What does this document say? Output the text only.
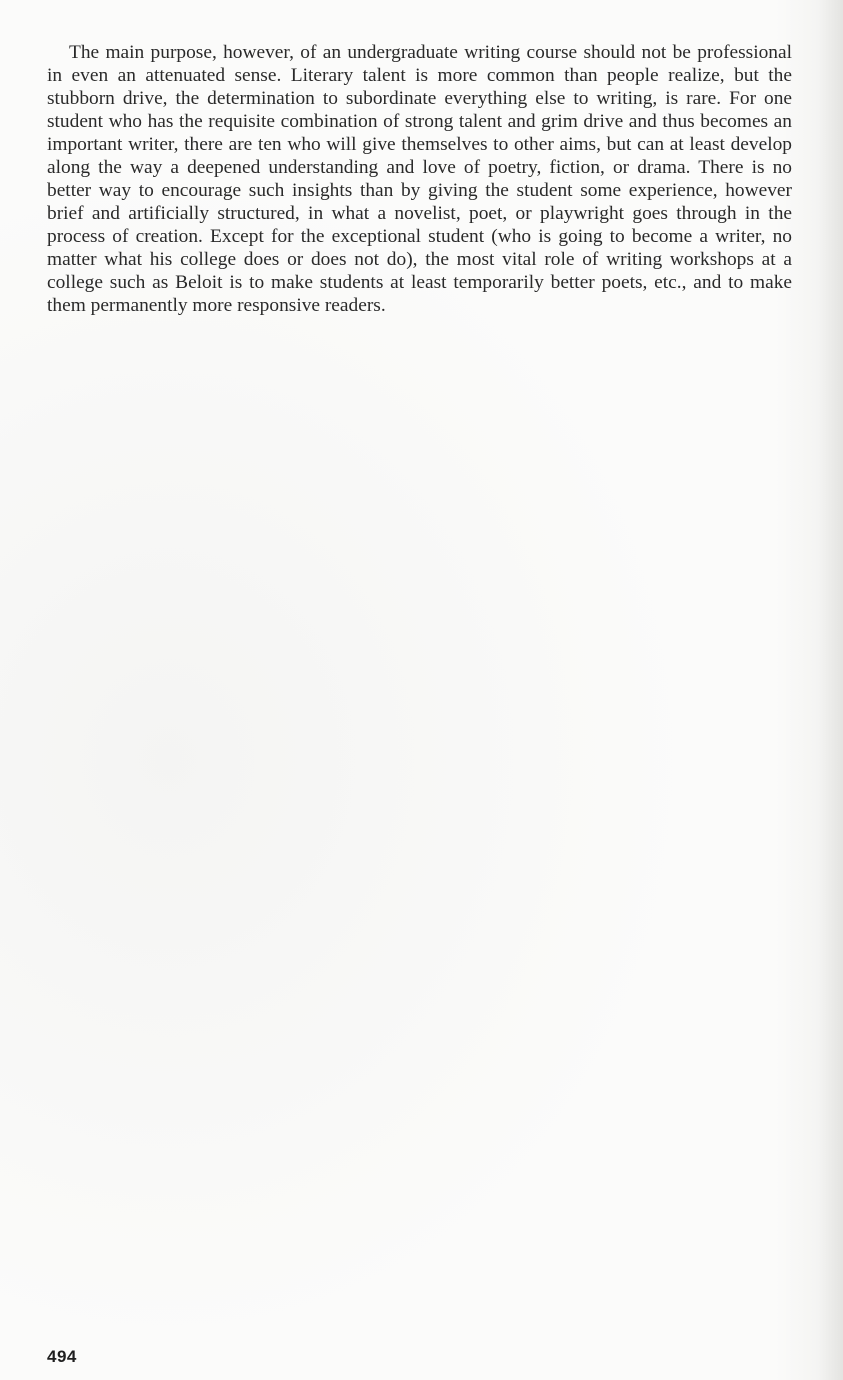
The main purpose, however, of an undergraduate writing course should not be professional in even an attenuated sense. Literary talent is more common than people realize, but the stubborn drive, the determination to subordinate everything else to writing, is rare. For one student who has the requisite combination of strong talent and grim drive and thus becomes an important writer, there are ten who will give themselves to other aims, but can at least develop along the way a deepened understanding and love of poetry, fiction, or drama. There is no better way to encourage such insights than by giving the student some experience, however brief and artificially structured, in what a novelist, poet, or playwright goes through in the process of creation. Except for the exceptional student (who is going to become a writer, no matter what his college does or does not do), the most vital role of writing workshops at a college such as Beloit is to make students at least temporarily better poets, etc., and to make them permanently more responsive readers.

494
